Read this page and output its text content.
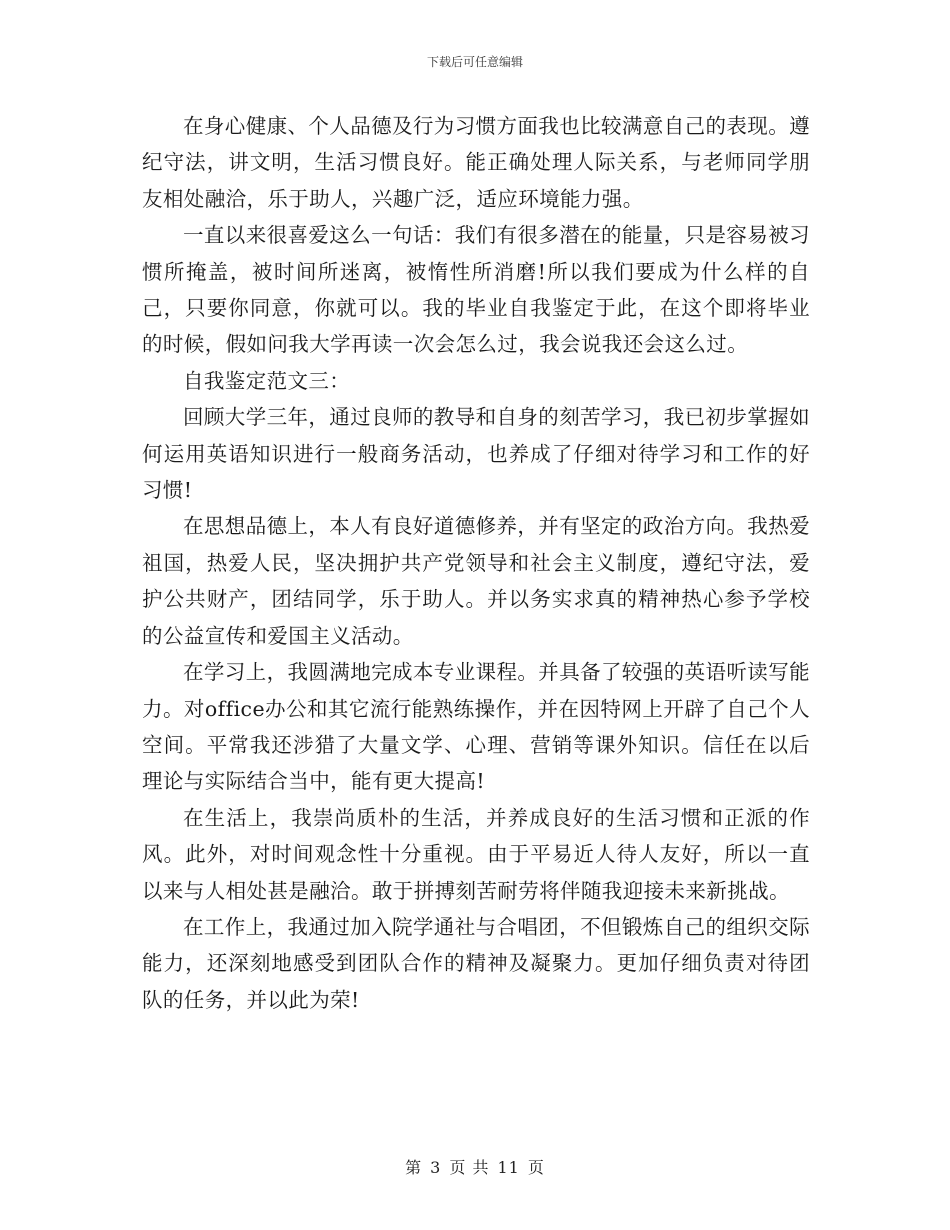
下载后可任意编辑

在身心健康、个人品德及行为习惯方面我也比较满意自己的表现。遵纪守法，讲文明，生活习惯良好。能正确处理人际关系，与老师同学朋友相处融洽，乐于助人，兴趣广泛，适应环境能力强。

一直以来很喜爱这么一句话：我们有很多潜在的能量，只是容易被习惯所掩盖，被时间所迷离，被惰性所消磨!所以我们要成为什么样的自己，只要你同意，你就可以。我的毕业自我鉴定于此，在这个即将毕业的时候，假如问我大学再读一次会怎么过，我会说我还会这么过。

自我鉴定范文三：

回顾大学三年，通过良师的教导和自身的刻苦学习，我已初步掌握如何运用英语知识进行一般商务活动，也养成了仔细对待学习和工作的好习惯!

在思想品德上，本人有良好道德修养，并有坚定的政治方向。我热爱祖国，热爱人民，坚决拥护共产党领导和社会主义制度，遵纪守法，爱护公共财产，团结同学，乐于助人。并以务实求真的精神热心参予学校的公益宣传和爱国主义活动。

在学习上，我圆满地完成本专业课程。并具备了较强的英语听读写能力。对office办公和其它流行能熟练操作，并在因特网上开辟了自己个人空间。平常我还涉猎了大量文学、心理、营销等课外知识。信任在以后理论与实际结合当中，能有更大提高!

在生活上，我崇尚质朴的生活，并养成良好的生活习惯和正派的作风。此外，对时间观念性十分重视。由于平易近人待人友好，所以一直以来与人相处甚是融洽。敢于拼搏刻苦耐劳将伴随我迎接未来新挑战。

在工作上，我通过加入院学通社与合唱团，不但锻炼自己的组织交际能力，还深刻地感受到团队合作的精神及凝聚力。更加仔细负责对待团队的任务，并以此为荣!

第 3 页 共 11 页
